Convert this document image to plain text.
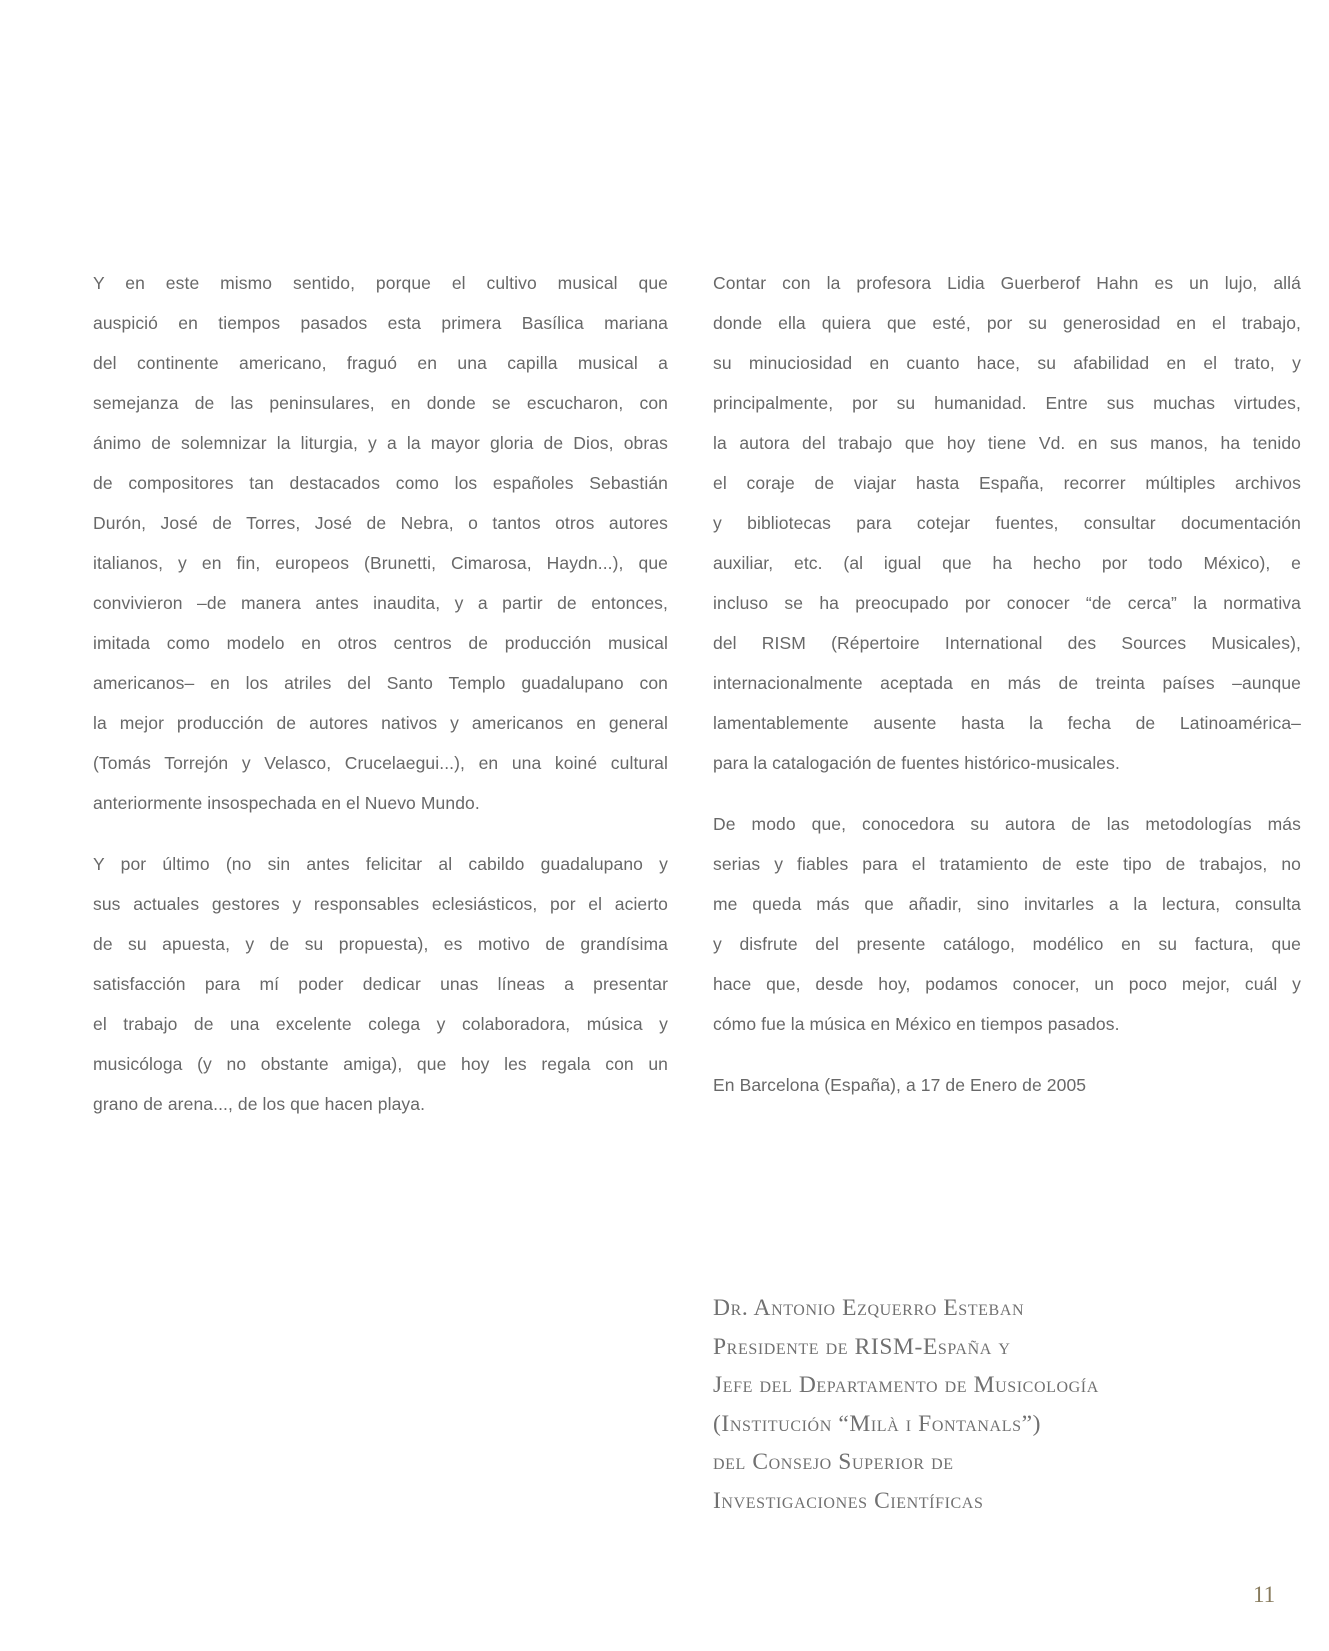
Y en este mismo sentido, porque el cultivo musical que
auspició en tiempos pasados esta primera Basílica mariana
del continente americano, fraguó en una capilla musical a
semejanza de las peninsulares, en donde se escucharon, con
ánimo de solemnizar la liturgia, y a la mayor gloria de Dios, obras
de compositores tan destacados como los españoles Sebastián
Durón, José de Torres, José de Nebra, o tantos otros autores
italianos, y en fin, europeos (Brunetti, Cimarosa, Haydn...), que
convivieron –de manera antes inaudita, y a partir de entonces,
imitada como modelo en otros centros de producción musical
americanos– en los atriles del Santo Templo guadalupano con
la mejor producción de autores nativos y americanos en general
(Tomás Torrejón y Velasco, Crucelaegui...), en una koiné cultural
anteriormente insospechada en el Nuevo Mundo.
Y por último (no sin antes felicitar al cabildo guadalupano y
sus actuales gestores y responsables eclesiásticos, por el acierto
de su apuesta, y de su propuesta), es motivo de grandísima
satisfacción para mí poder dedicar unas líneas a presentar
el trabajo de una excelente colega y colaboradora, música y
musicóloga (y no obstante amiga), que hoy les regala con un
grano de arena..., de los que hacen playa.
Contar con la profesora Lidia Guerberof Hahn es un lujo, allá
donde ella quiera que esté, por su generosidad en el trabajo,
su minuciosidad en cuanto hace, su afabilidad en el trato, y
principalmente, por su humanidad. Entre sus muchas virtudes,
la autora del trabajo que hoy tiene Vd. en sus manos, ha tenido
el coraje de viajar hasta España, recorrer múltiples archivos
y bibliotecas para cotejar fuentes, consultar documentación
auxiliar, etc. (al igual que ha hecho por todo México), e
incluso se ha preocupado por conocer “de cerca” la normativa
del RISM (Répertoire International des Sources Musicales),
internacionalmente aceptada en más de treinta países –aunque
lamentablemente ausente hasta la fecha de Latinoamérica–
para la catalogación de fuentes histórico-musicales.
De modo que, conocedora su autora de las metodologías más
serias y fiables para el tratamiento de este tipo de trabajos, no
me queda más que añadir, sino invitarles a la lectura, consulta
y disfrute del presente catálogo, modélico en su factura, que
hace que, desde hoy, podamos conocer, un poco mejor, cuál y
cómo fue la música en México en tiempos pasados.
En Barcelona (España), a 17 de Enero de 2005
Dr. Antonio Ezquerro Esteban
Presidente de RISM-España y
Jefe del Departamento de Musicología
(Institución “Milà i Fontanals”)
del Consejo Superior de
Investigaciones Científicas
11
